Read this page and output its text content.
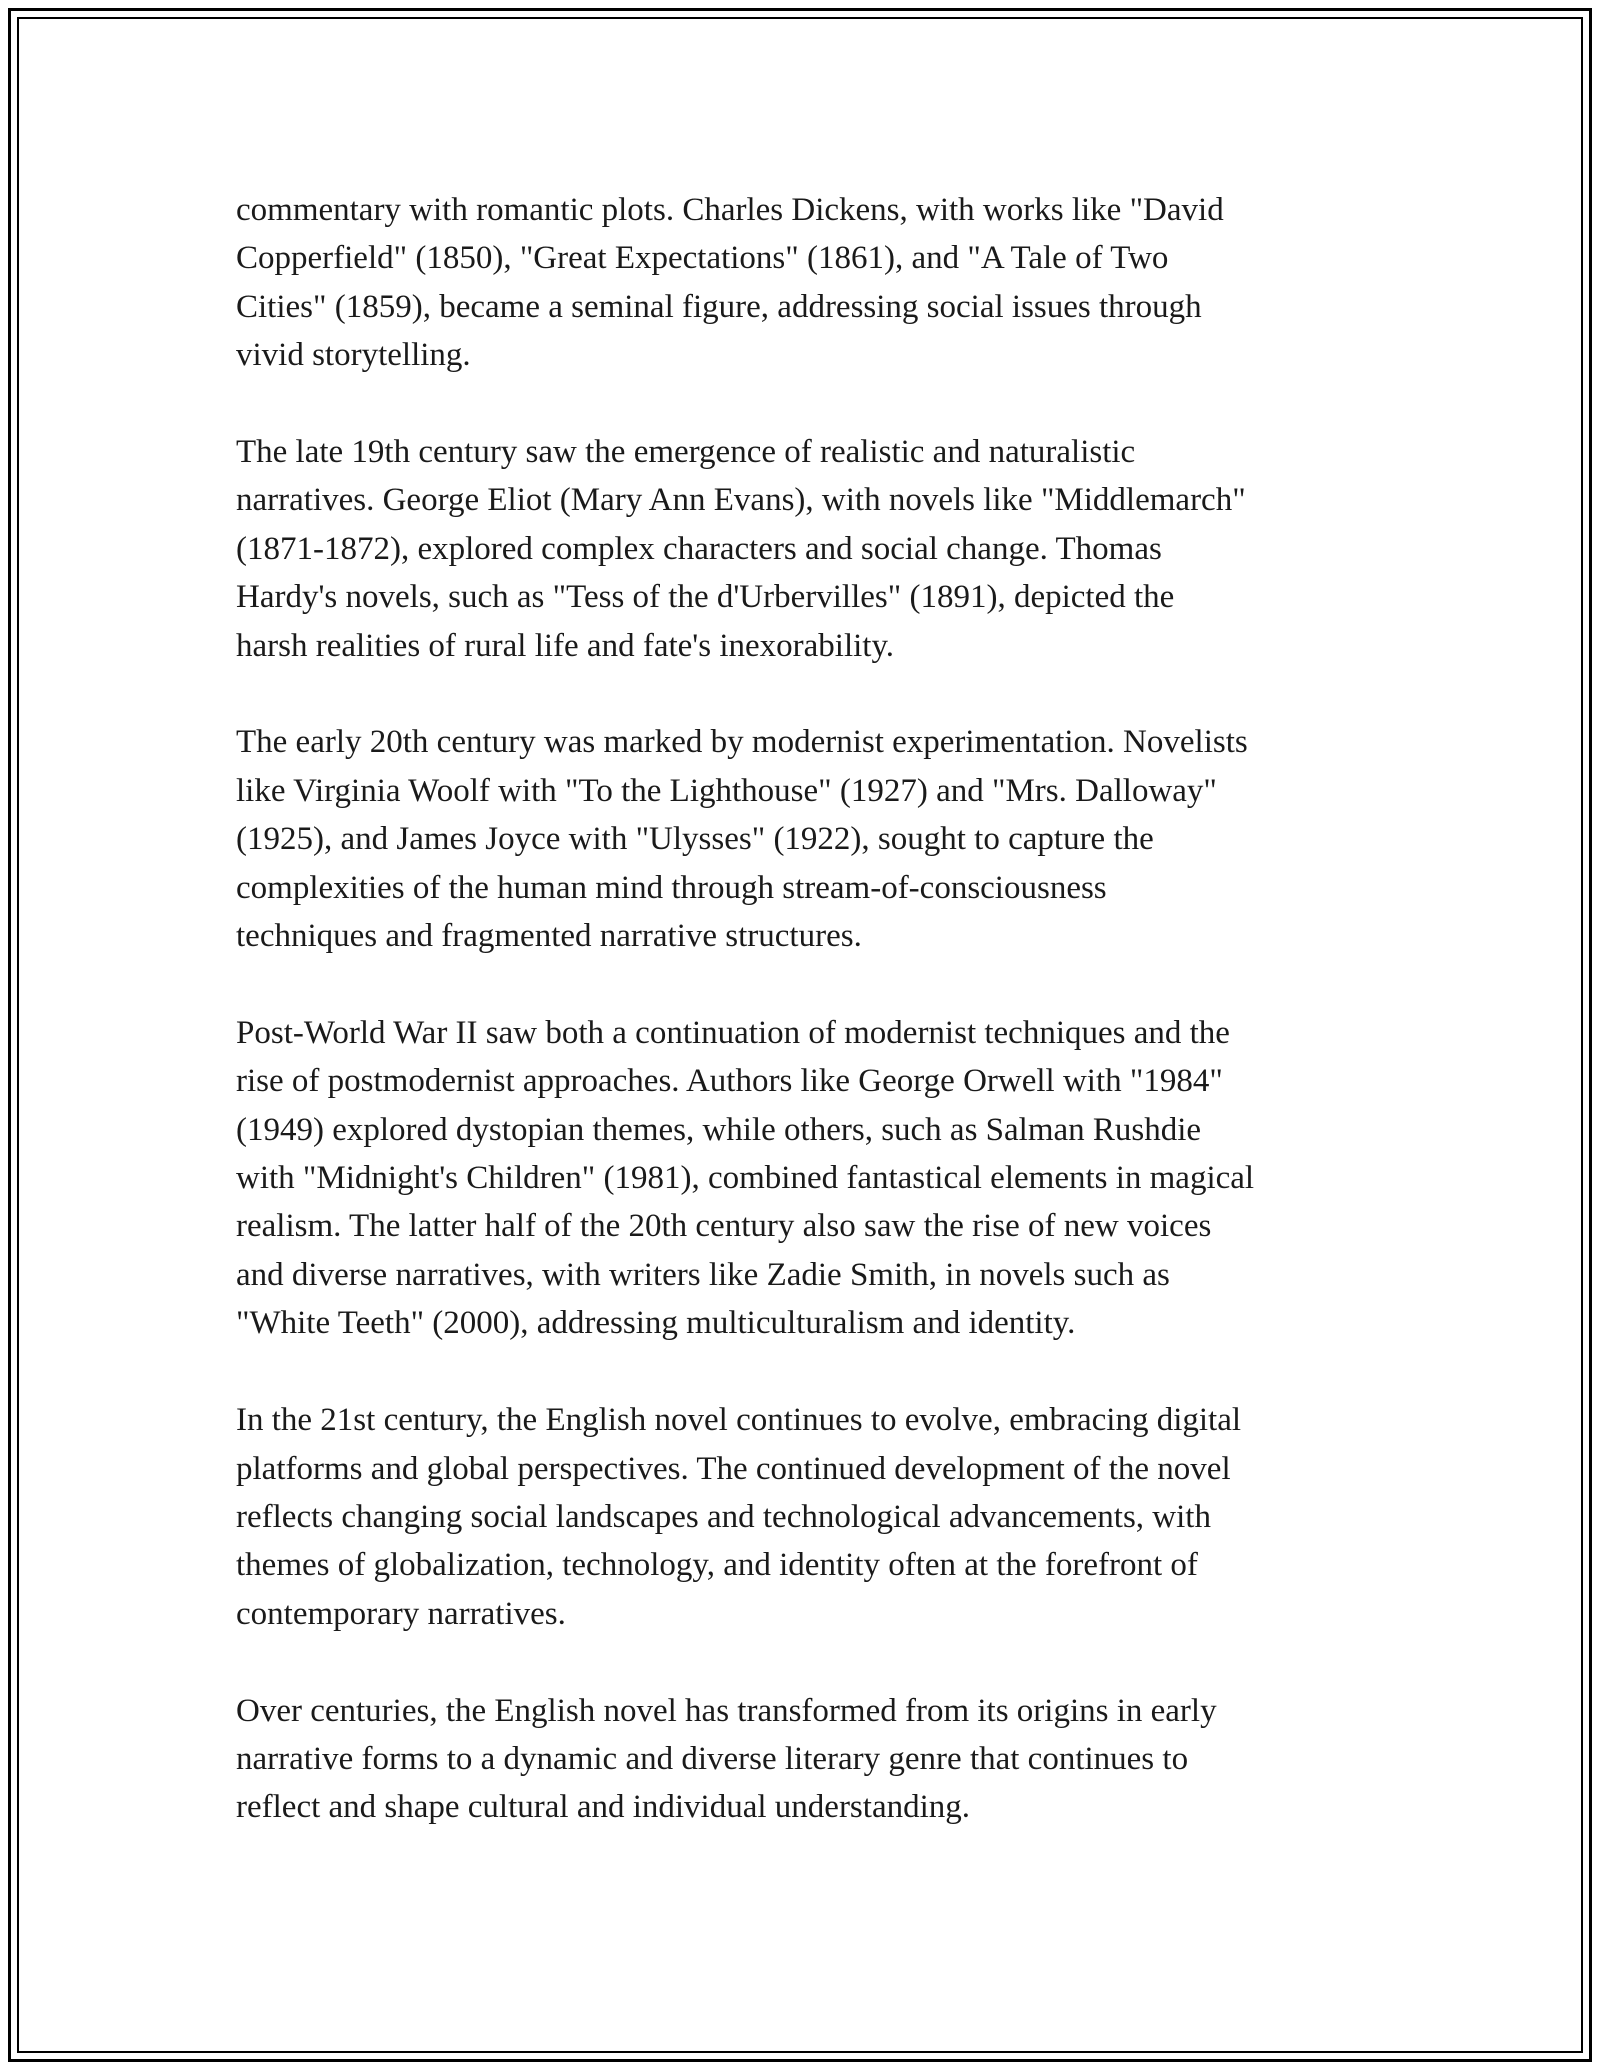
commentary with romantic plots. Charles Dickens, with works like "David
Copperfield" (1850), "Great Expectations" (1861), and "A Tale of Two
Cities" (1859), became a seminal figure, addressing social issues through
vivid storytelling.

The late 19th century saw the emergence of realistic and naturalistic
narratives. George Eliot (Mary Ann Evans), with novels like "Middlemarch"
(1871-1872), explored complex characters and social change. Thomas
Hardy's novels, such as "Tess of the d'Urbervilles" (1891), depicted the
harsh realities of rural life and fate's inexorability.

The early 20th century was marked by modernist experimentation. Novelists
like Virginia Woolf with "To the Lighthouse" (1927) and "Mrs. Dalloway"
(1925), and James Joyce with "Ulysses" (1922), sought to capture the
complexities of the human mind through stream-of-consciousness
techniques and fragmented narrative structures.

Post-World War II saw both a continuation of modernist techniques and the
rise of postmodernist approaches. Authors like George Orwell with "1984"
(1949) explored dystopian themes, while others, such as Salman Rushdie
with "Midnight's Children" (1981), combined fantastical elements in magical
realism. The latter half of the 20th century also saw the rise of new voices
and diverse narratives, with writers like Zadie Smith, in novels such as
"White Teeth" (2000), addressing multiculturalism and identity.

In the 21st century, the English novel continues to evolve, embracing digital
platforms and global perspectives. The continued development of the novel
reflects changing social landscapes and technological advancements, with
themes of globalization, technology, and identity often at the forefront of
contemporary narratives.

Over centuries, the English novel has transformed from its origins in early
narrative forms to a dynamic and diverse literary genre that continues to
reflect and shape cultural and individual understanding.
